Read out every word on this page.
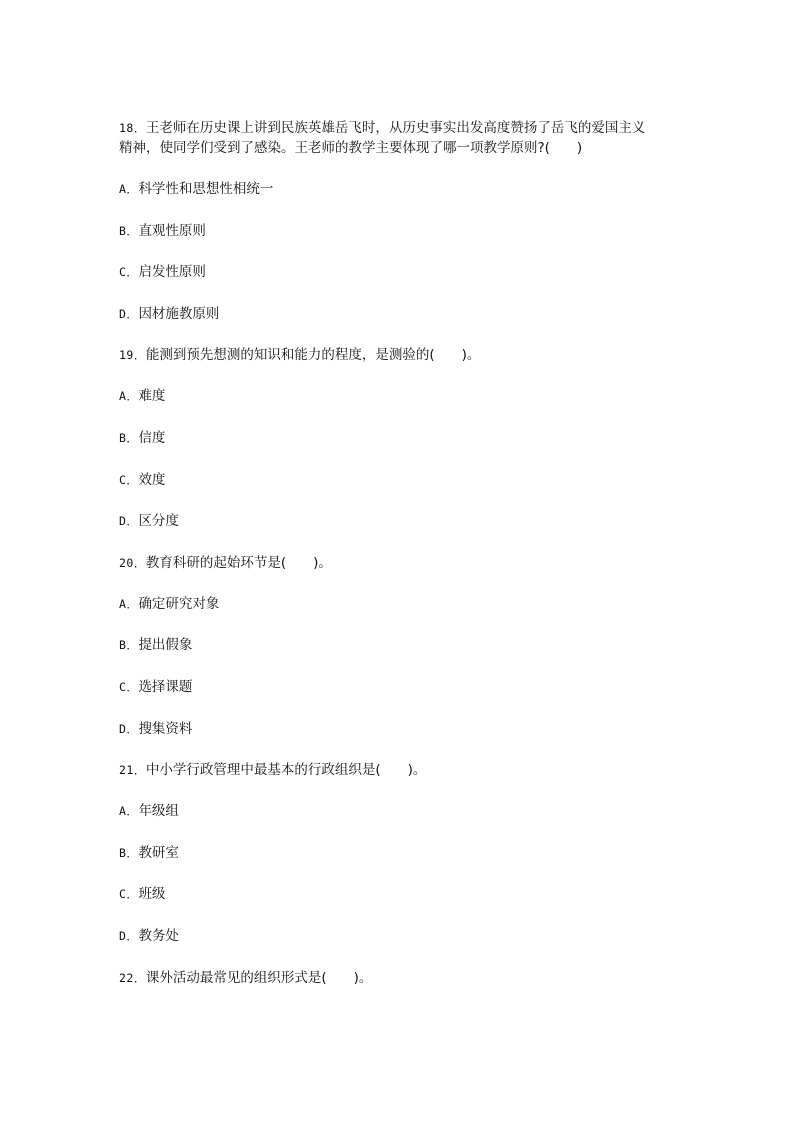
18．王老师在历史课上讲到民族英雄岳飞时，从历史事实出发高度赞扬了岳飞的爱国主义
精神，使同学们受到了感染。王老师的教学主要体现了哪一项教学原则?(　　)
A．科学性和思想性相统一
B．直观性原则
C．启发性原则
D．因材施教原则
19．能测到预先想测的知识和能力的程度，是测验的(　　)。
A．难度
B．信度
C．效度
D．区分度
20．教育科研的起始环节是(　　)。
A．确定研究对象
B．提出假象
C．选择课题
D．搜集资料
21．中小学行政管理中最基本的行政组织是(　　)。
A．年级组
B．教研室
C．班级
D．教务处
22．课外活动最常见的组织形式是(　　)。
